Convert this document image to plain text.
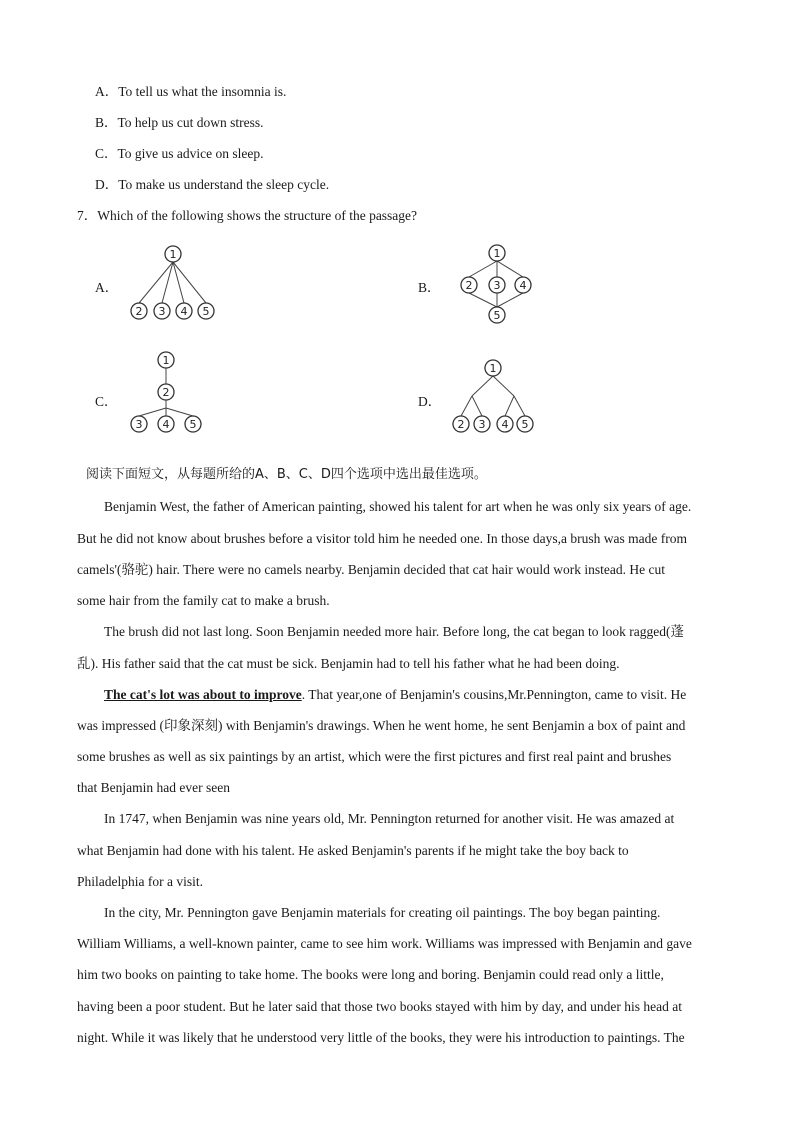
A．To tell us what the insomnia is.
B．To help us cut down stress.
C．To give us advice on sleep.
D．To make us understand the sleep cycle.
7．Which of the following shows the structure of the passage?
A．	B．
C．	D．
1
2 3 4 5
1
2 3 4
5
1
2
3 4 5
1
2 3 4 5
阅读下面短文，从每题所给的A、B、C、D四个选项中选出最佳选项。
Benjamin West, the father of American painting, showed his talent for art when he was only six years of age.
But he did not know about brushes before a visitor told him he needed one. In those days,a brush was made from
camels'(骆驼) hair. There were no camels nearby. Benjamin decided that cat hair would work instead. He cut
some hair from the family cat to make a brush.
The brush did not last long. Soon Benjamin needed more hair. Before long, the cat began to look ragged(蓬
乱). His father said that the cat must be sick. Benjamin had to tell his father what he had been doing.
The cat's lot was about to improve. That year,one of Benjamin's cousins,Mr.Pennington, came to visit. He
was impressed (印象深刻) with Benjamin's drawings. When he went home, he sent Benjamin a box of paint and
some brushes as well as six paintings by an artist, which were the first pictures and first real paint and brushes
that Benjamin had ever seen
In 1747, when Benjamin was nine years old, Mr. Pennington returned for another visit. He was amazed at
what Benjamin had done with his talent. He asked Benjamin's parents if he might take the boy back to
Philadelphia for a visit.
In the city, Mr. Pennington gave Benjamin materials for creating oil paintings. The boy began painting.
William Williams, a well-known painter, came to see him work. Williams was impressed with Benjamin and gave
him two books on painting to take home. The books were long and boring. Benjamin could read only a little,
having been a poor student. But he later said that those two books stayed with him by day, and under his head at
night. While it was likely that he understood very little of the books, they were his introduction to paintings. The
